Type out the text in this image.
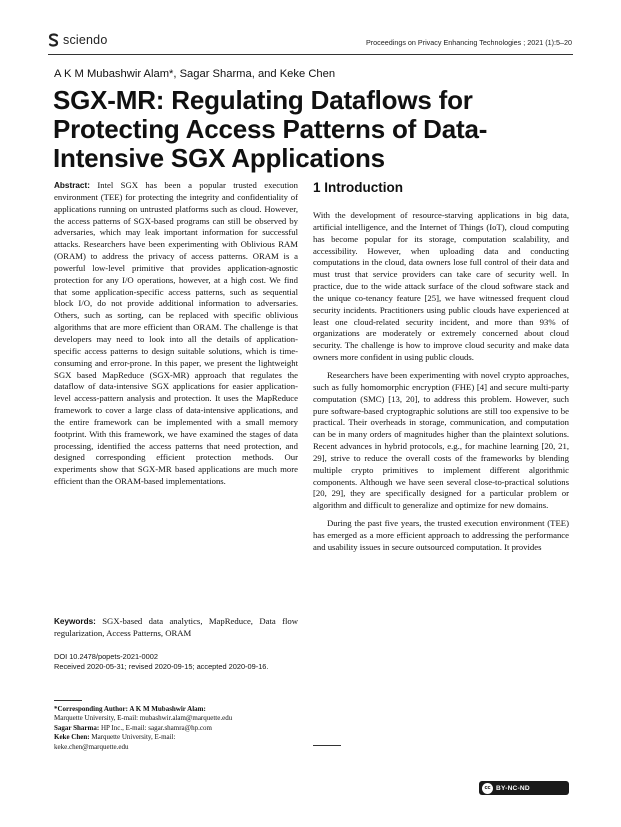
sciendo	Proceedings on Privacy Enhancing Technologies ; 2021 (1):5–20
A K M Mubashwir Alam*, Sagar Sharma, and Keke Chen
SGX-MR: Regulating Dataflows for Protecting Access Patterns of Data-Intensive SGX Applications

Abstract: Intel SGX has been a popular trusted execution environment (TEE) for protecting the integrity and confidentiality of applications running on untrusted platforms such as cloud. However, the access patterns of SGX-based programs can still be observed by adversaries, which may leak important information for successful attacks. Researchers have been experimenting with Oblivious RAM (ORAM) to address the privacy of access patterns. ORAM is a powerful low-level primitive that provides application-agnostic protection for any I/O operations, however, at a high cost. We find that some application-specific access patterns, such as sequential block I/O, do not provide additional information to adversaries. Others, such as sorting, can be replaced with specific oblivious algorithms that are more efficient than ORAM. The challenge is that developers may need to look into all the details of application-specific access patterns to design suitable solutions, which is time-consuming and error-prone. In this paper, we present the lightweight SGX based MapReduce (SGX-MR) approach that regulates the dataflow of data-intensive SGX applications for easier application-level access-pattern analysis and protection. It uses the MapReduce framework to cover a large class of data-intensive applications, and the entire framework can be implemented with a small memory footprint. With this framework, we have examined the stages of data processing, identified the access patterns that need protection, and designed corresponding efficient protection methods. Our experiments show that SGX-MR based applications are much more efficient than the ORAM-based implementations.

Keywords: SGX-based data analytics, MapReduce, Data flow regularization, Access Patterns, ORAM

DOI 10.2478/popets-2021-0002
Received 2020-05-31; revised 2020-09-15; accepted 2020-09-16.
*Corresponding Author: A K M Mubashwir Alam:
Marquette University, E-mail: mubashwir.alam@marquette.edu
Sagar Sharma: HP Inc., E-mail: sagar.shamra@hp.com
Keke Chen: Marquette University, E-mail:
keke.chen@marquette.edu
1 Introduction

With the development of resource-starving applications in big data, artificial intelligence, and the Internet of Things (IoT), cloud computing has become popular for its storage, computation scalability, and accessibility. However, when uploading data and conducting computations in the cloud, data owners lose full control of their data and must trust that service providers can take care of security well. In practice, due to the wide attack surface of the cloud software stack and the unique co-tenancy feature [25], we have witnessed frequent cloud security incidents. Practitioners using public clouds have experienced at least one cloud-related security incident, and more than 93% of organizations are moderately or extremely concerned about cloud security. The challenge is how to improve cloud security and make data owners more confident in using public clouds.

Researchers have been experimenting with novel crypto approaches, such as fully homomorphic encryption (FHE) [4] and secure multi-party computation (SMC) [13, 20], to address this problem. However, such pure software-based cryptographic solutions are still too expensive to be practical. Their overheads in storage, communication, and computation can be in many orders of magnitudes higher than the plaintext solutions. Recent advances in hybrid protocols, e.g., for machine learning [20, 21, 29], strive to reduce the overall costs of the frameworks by blending multiple crypto primitives to implement different algorithmic components. Although we have seen several close-to-practical solutions [20, 29], they are specifically designed for a particular problem or algorithm and difficult to generalize and optimize for new domains.

During the past five years, the trusted execution environment (TEE) has emerged as a more efficient approach to addressing the performance and usability issues in secure outsourced computation. It provides

cc BY-NC-ND
